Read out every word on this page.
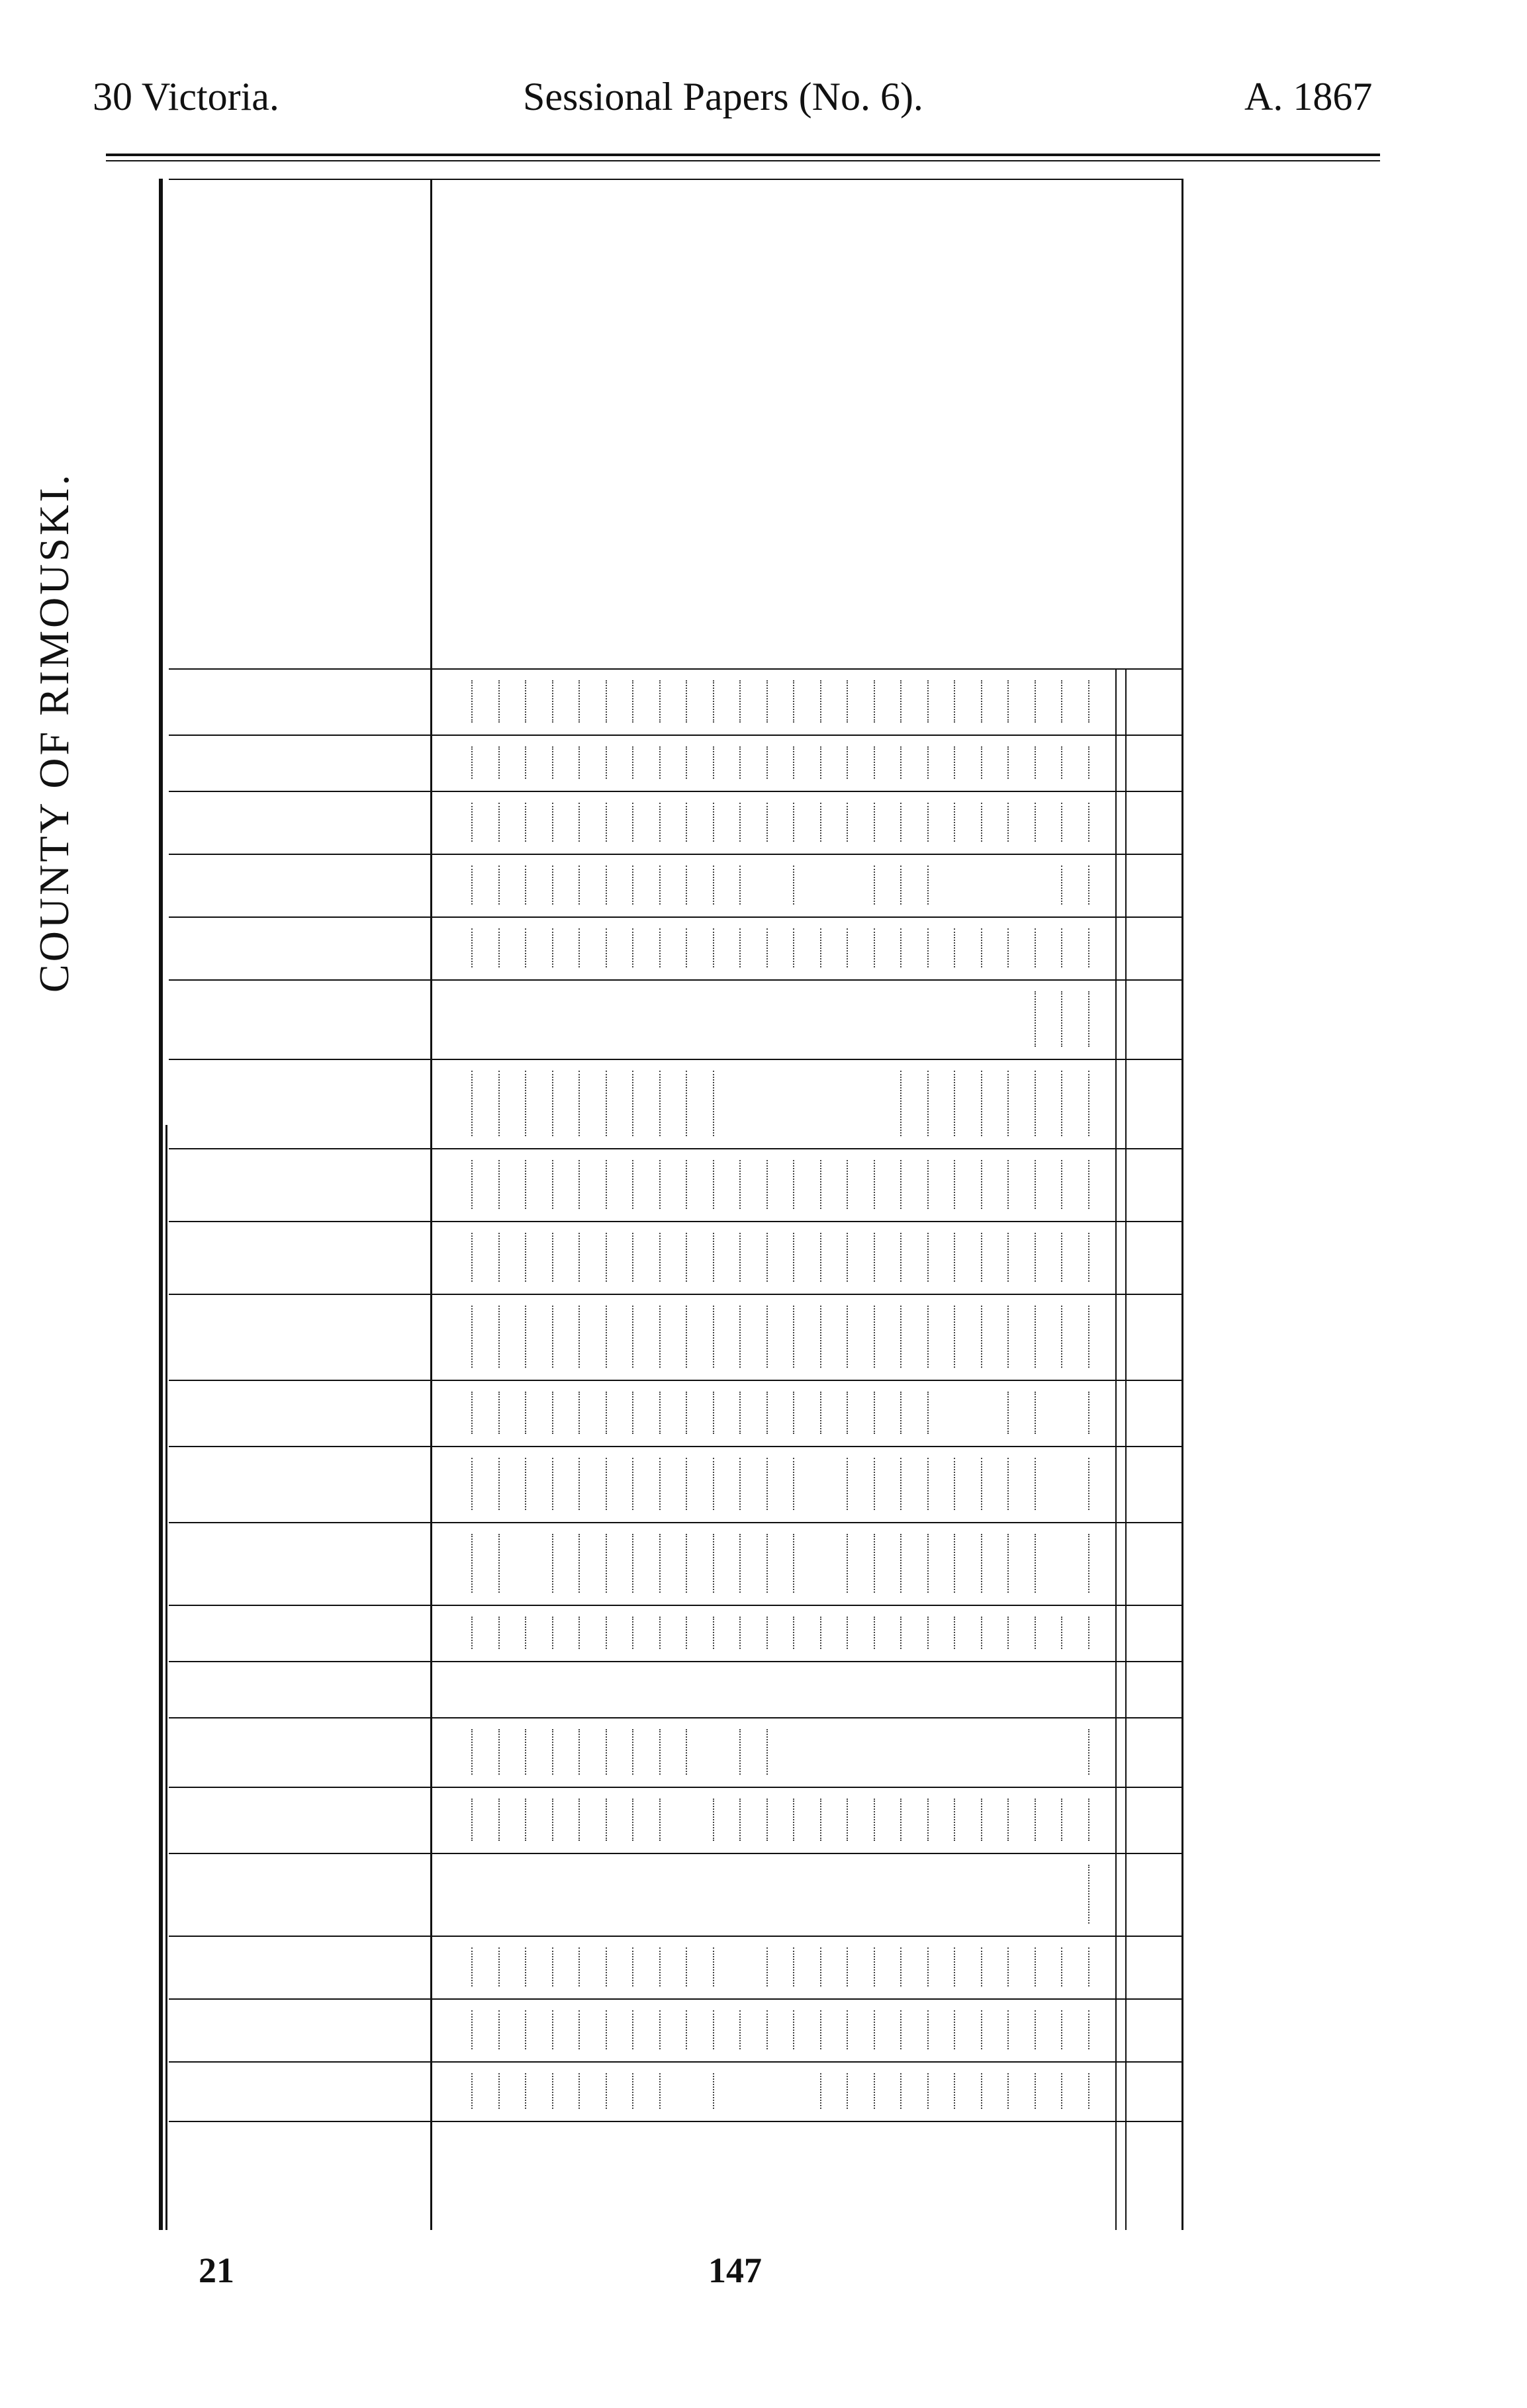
30 Victoria.	Sessional Papers (No. 6).	A. 1867
COUNTY OF RIMOUSKI.
21	147
